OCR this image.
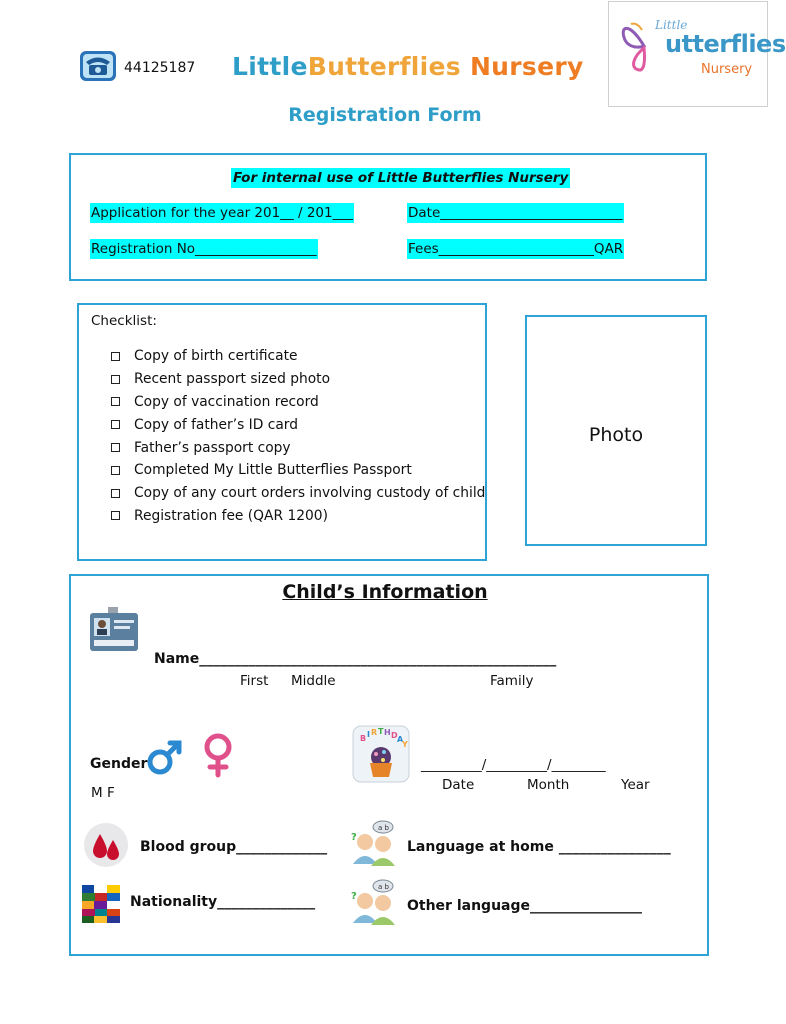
44125187 LittleButterflies Nursery
Little
utterflies
Nursery
Registration Form
For internal use of Little Butterflies Nursery
Application for the year 201__ / 201___	Date___________________________
Registration No__________________	Fees_______________________QAR
Checklist:
Copy of birth certificate
Recent passport sized photo
Copy of vaccination record
Copy of father’s ID card
Father’s passport copy
Completed My Little Butterflies Passport
Copy of any court orders involving custody of child
Registration fee (QAR 1200)
Photo
Child’s Information
Name___________________________________________________
First Middle	Family
Gender
M F
B I R T H D A
Y
_________/_________/________
Date	Month	Year
Blood group_____________
a b
?
Language at home ________________
Nationality______________
a b
?
Other language________________
